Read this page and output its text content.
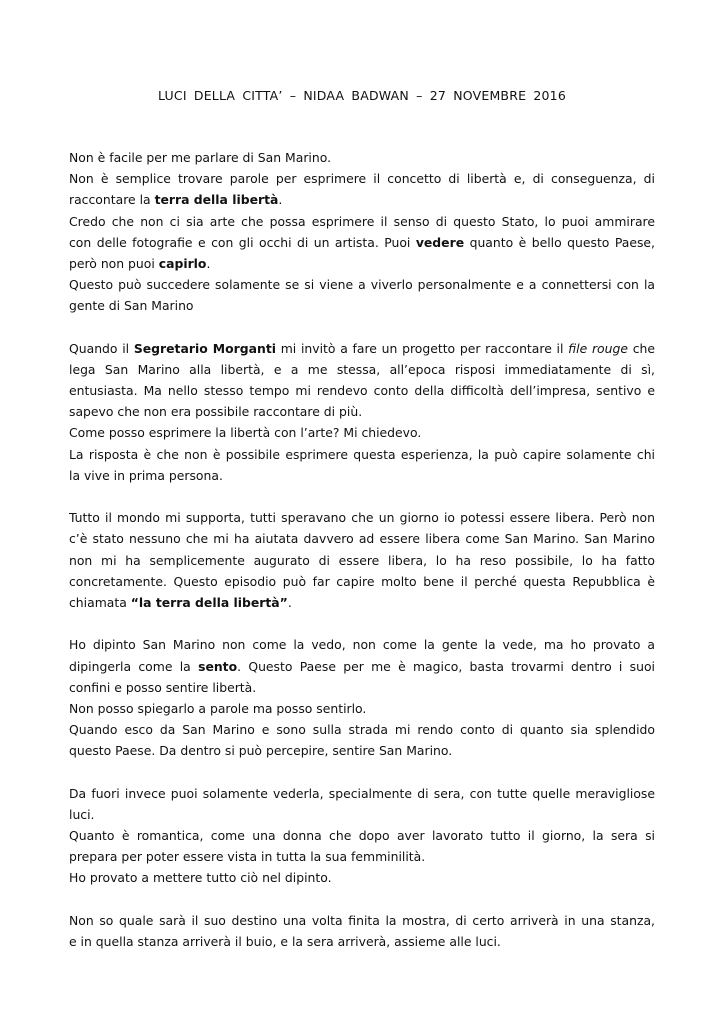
LUCI DELLA CITTA’ – NIDAA BADWAN – 27 NOVEMBRE 2016
Non è facile per me parlare di San Marino.
Non è semplice trovare parole per esprimere il concetto di libertà e, di conseguenza, di
raccontare la terra della libertà.
Credo che non ci sia arte che possa esprimere il senso di questo Stato, lo puoi ammirare
con delle fotografie e con gli occhi di un artista. Puoi vedere quanto è bello questo Paese,
però non puoi capirlo.
Questo può succedere solamente se si viene a viverlo personalmente e a connettersi con la
gente di San Marino
Quando il Segretario Morganti mi invitò a fare un progetto per raccontare il file rouge che
lega San Marino alla libertà, e a me stessa, all’epoca risposi immediatamente di sì,
entusiasta. Ma nello stesso tempo mi rendevo conto della difficoltà dell’impresa, sentivo e
sapevo che non era possibile raccontare di più.
Come posso esprimere la libertà con l’arte? Mi chiedevo.
La risposta è che non è possibile esprimere questa esperienza, la può capire solamente chi
la vive in prima persona.
Tutto il mondo mi supporta, tutti speravano che un giorno io potessi essere libera. Però non
c’è stato nessuno che mi ha aiutata davvero ad essere libera come San Marino. San Marino
non mi ha semplicemente augurato di essere libera, lo ha reso possibile, lo ha fatto
concretamente. Questo episodio può far capire molto bene il perché questa Repubblica è
chiamata “la terra della libertà”.
Ho dipinto San Marino non come la vedo, non come la gente la vede, ma ho provato a
dipingerla come la sento. Questo Paese per me è magico, basta trovarmi dentro i suoi
confini e posso sentire libertà.
Non posso spiegarlo a parole ma posso sentirlo.
Quando esco da San Marino e sono sulla strada mi rendo conto di quanto sia splendido
questo Paese. Da dentro si può percepire, sentire San Marino.
Da fuori invece puoi solamente vederla, specialmente di sera, con tutte quelle meravigliose
luci.
Quanto è romantica, come una donna che dopo aver lavorato tutto il giorno, la sera si
prepara per poter essere vista in tutta la sua femminilità.
Ho provato a mettere tutto ciò nel dipinto.
Non so quale sarà il suo destino una volta finita la mostra, di certo arriverà in una stanza,
e in quella stanza arriverà il buio, e la sera arriverà, assieme alle luci.
